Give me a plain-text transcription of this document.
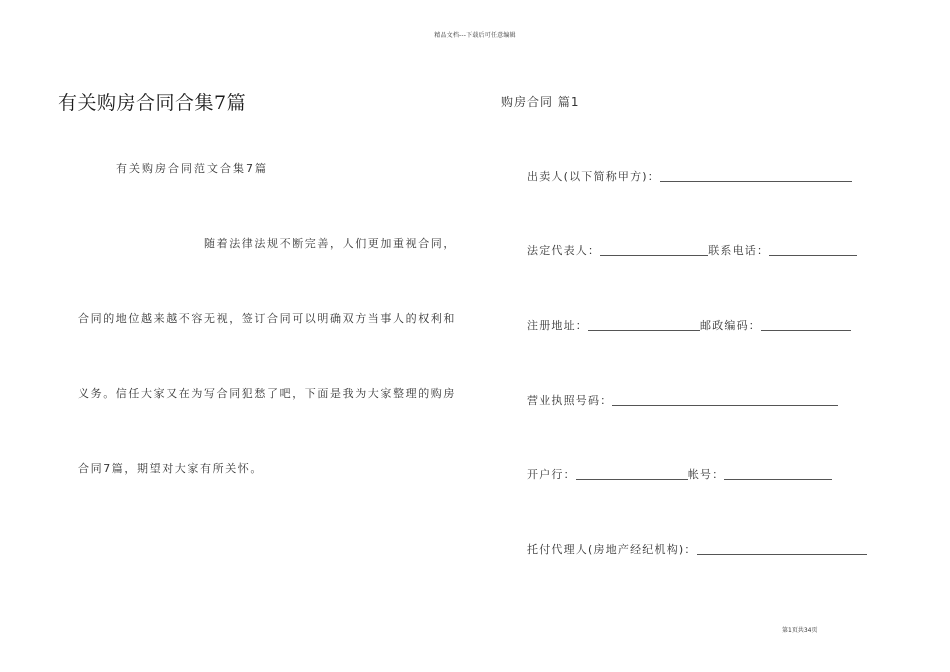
精品文档---下载后可任意编辑
有关购房合同合集7篇
有关购房合同范文合集7篇
随着法律法规不断完善，人们更加重视合同，
合同的地位越来越不容无视，签订合同可以明确双方当事人的权利和
义务。信任大家又在为写合同犯愁了吧，下面是我为大家整理的购房
合同7篇，期望对大家有所关怀。
购房合同 篇1
出卖人(以下简称甲方)：
法定代表人：	联系电话：
注册地址：	邮政编码：
营业执照号码：
开户行：	帐号：
托付代理人(房地产经纪机构)：
第1页共34页
